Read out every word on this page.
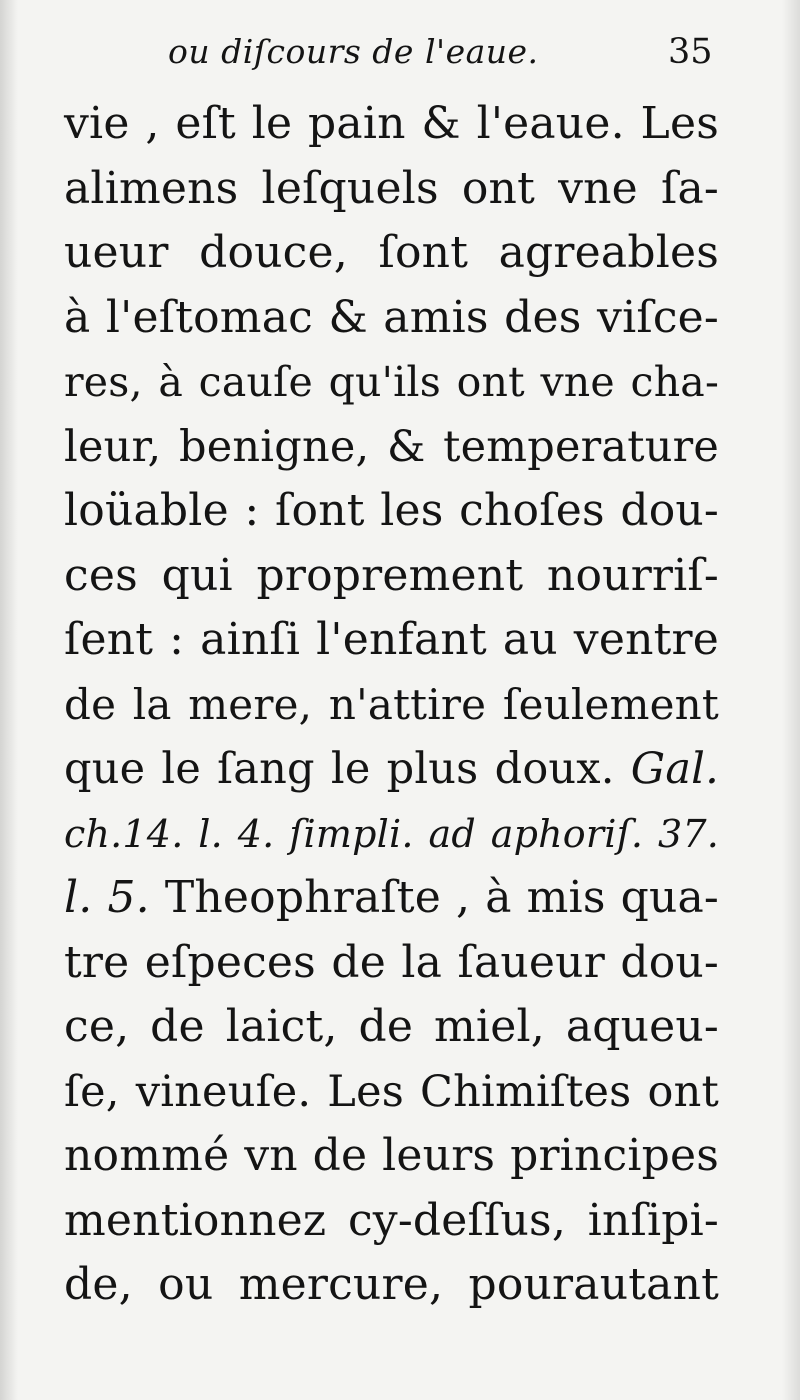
ou diſcours de l'eaue.	35
vie , eſt le pain & l'eaue. Les
alimens leſquels ont vne ſa-
ueur douce, ſont agreables
à l'eſtomac & amis des viſce-
res, à cauſe qu'ils ont vne cha-
leur, benigne, & temperature
loüable : ſont les choſes dou-
ces qui proprement nourriſ-
ſent : ainſi l'enfant au ventre
de la mere, n'attire ſeulement
que le ſang le plus doux. Gal.
ch.14. l. 4. ſimpli. ad aphoriſ. 37.
l. 5. Theophraſte , à mis qua-
tre eſpeces de la ſaueur dou-
ce, de laict, de miel, aqueu-
ſe, vineuſe. Les Chimiſtes ont
nommé vn de leurs principes
mentionnez cy-deſſus, inſipi-
de, ou mercure, pourautant
